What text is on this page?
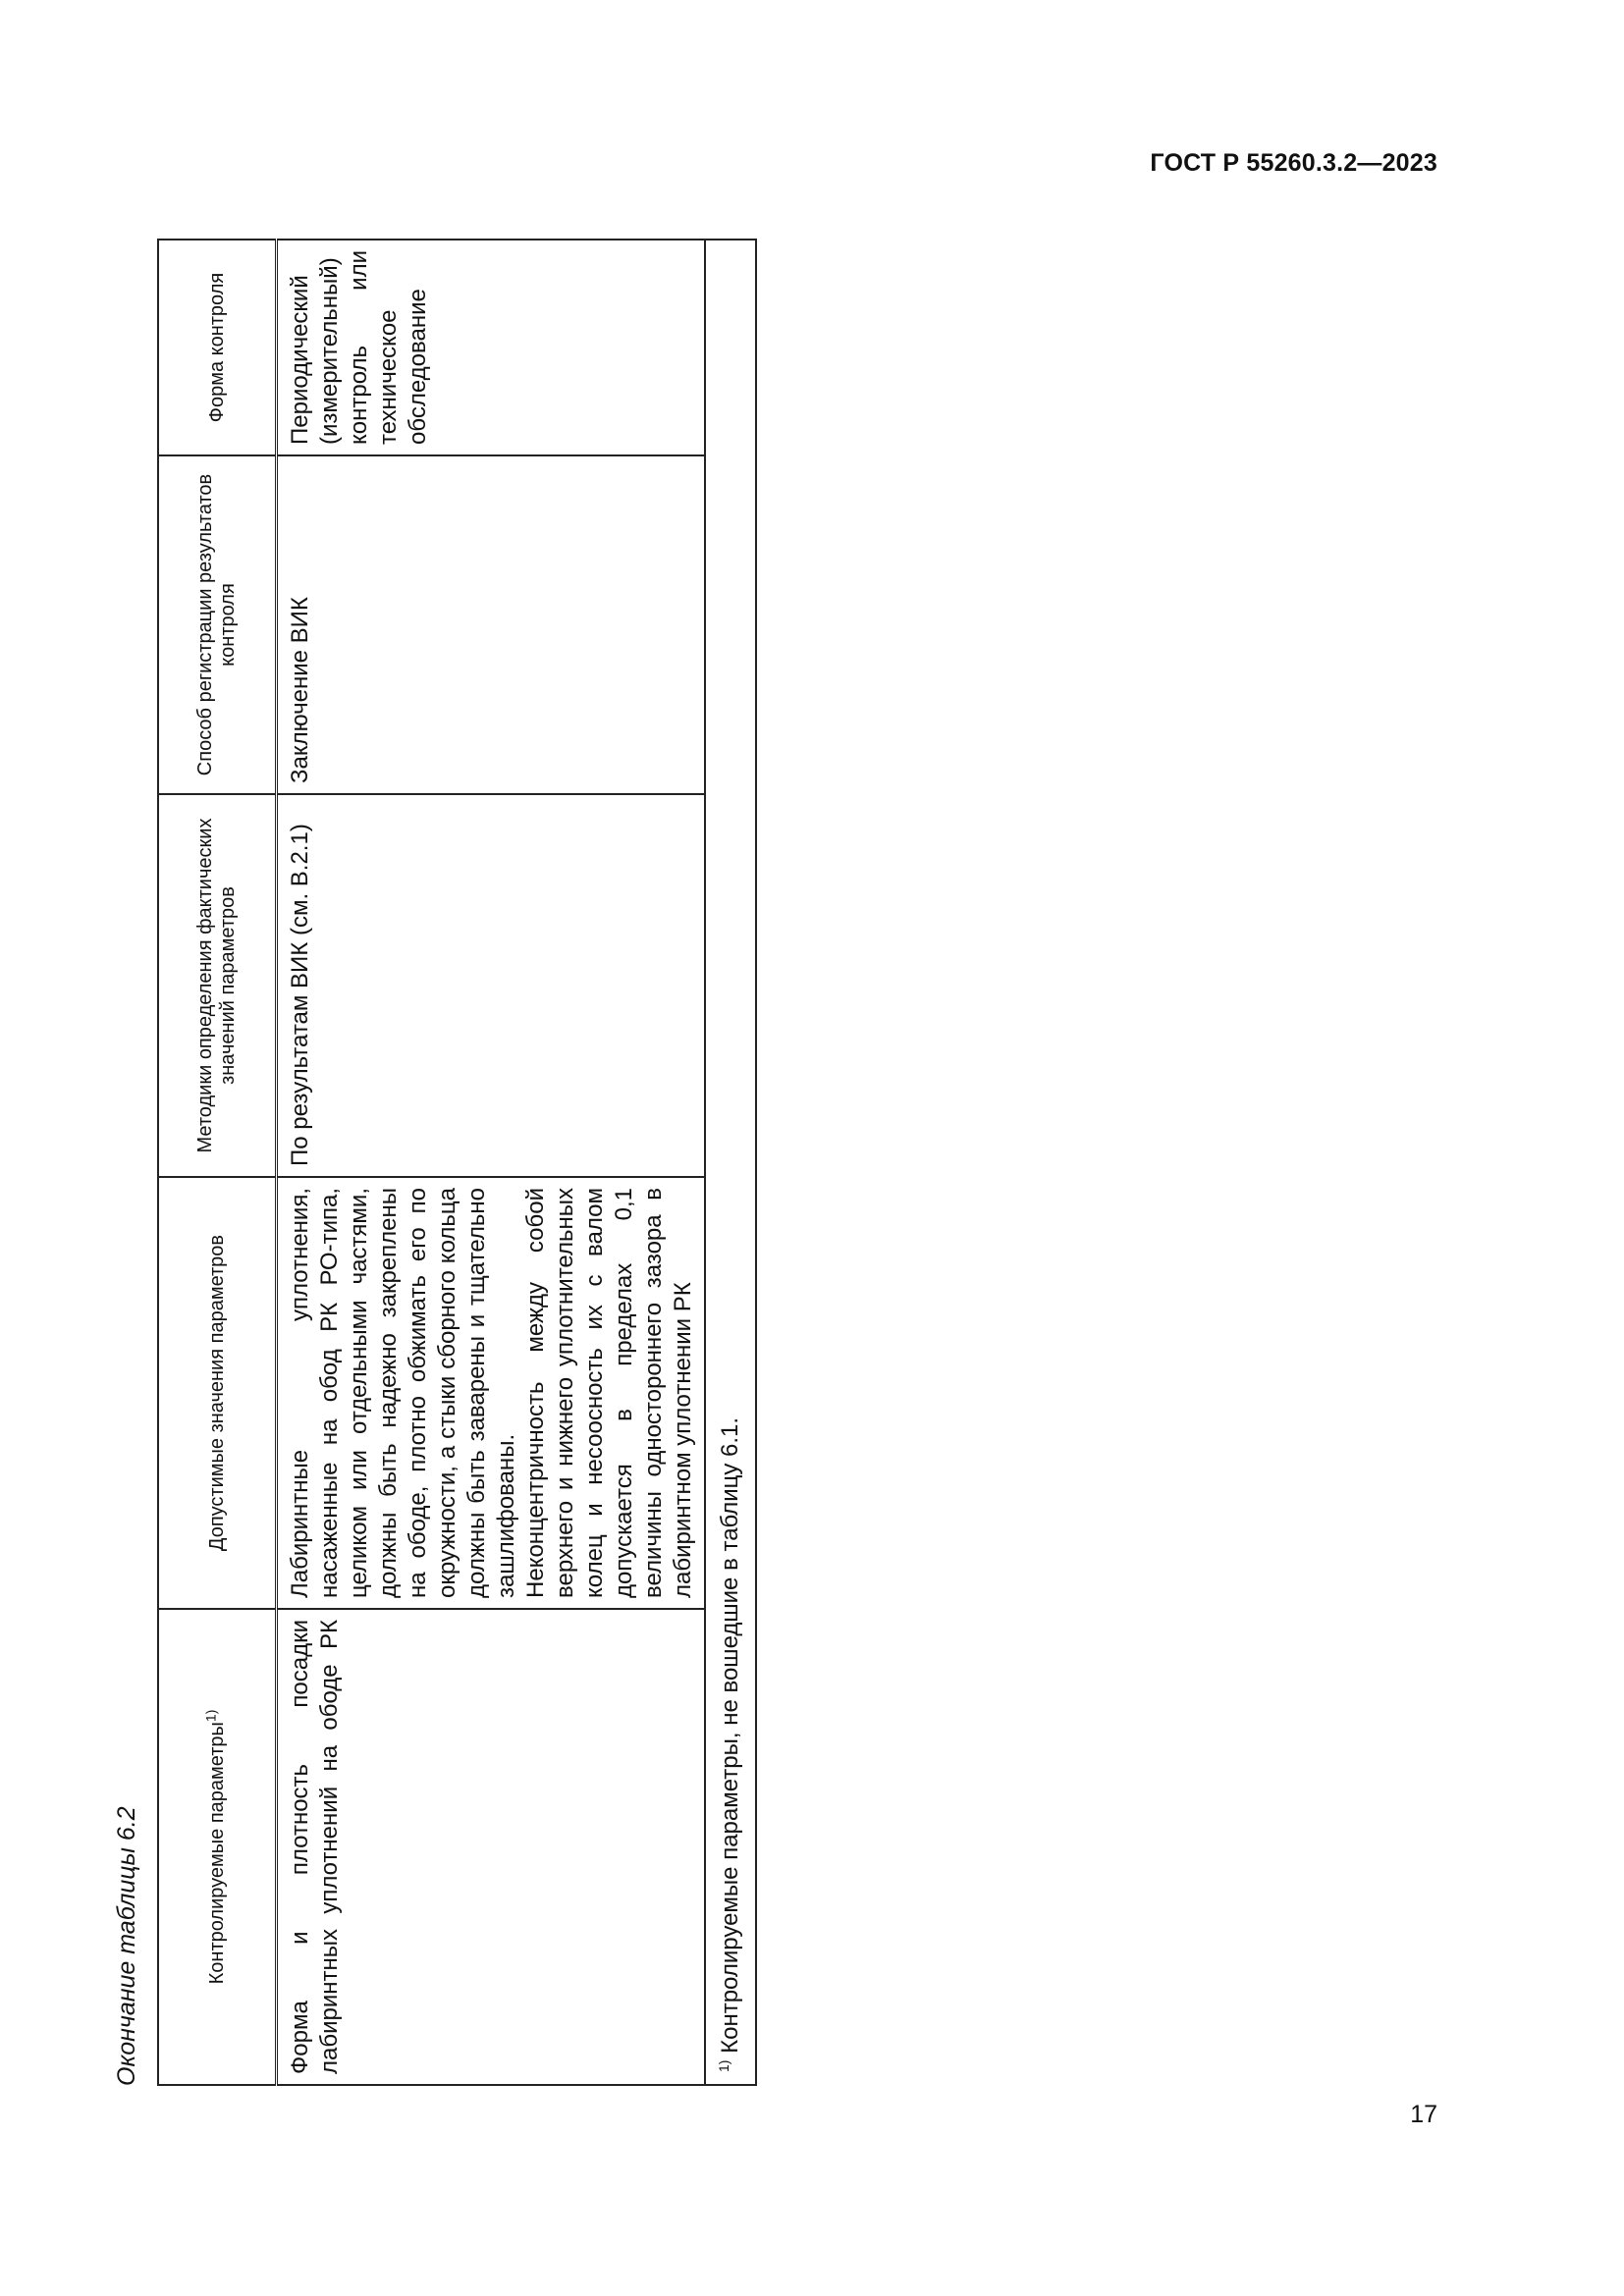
ГОСТ Р 55260.3.2—2023
Окончание таблицы 6.2	Контролируемые параметры$^{1)}$	Допустимые значения параметров	Методики определения фактических значений параметров	Способ регистрации результатов контроля	Форма контроля

Форма и плотность посадки лабиринтных уплотнений на ободе РК	Лабиринтные уплотнения, насаженные на обод РК РО-типа, целиком или отдельными частями, должны быть надежно закреплены на ободе, плотно обжимать его по окружности, а стыки сборного кольца должны быть заварены и тщательно зашлифованы. Неконцентричность между собой верхнего и нижнего уплотнительных колец и несоосность их с валом допускается в пределах 0,1 величины одностороннего зазора в лабиринтном уплотнении РК	По результатам ВИК (см. В.2.1)	Заключение ВИК	Периодический (измерительный) контроль или техническое обследование

$^{1)}$ Контролируемые параметры, не вошедшие в таблицу 6.1.				
17
